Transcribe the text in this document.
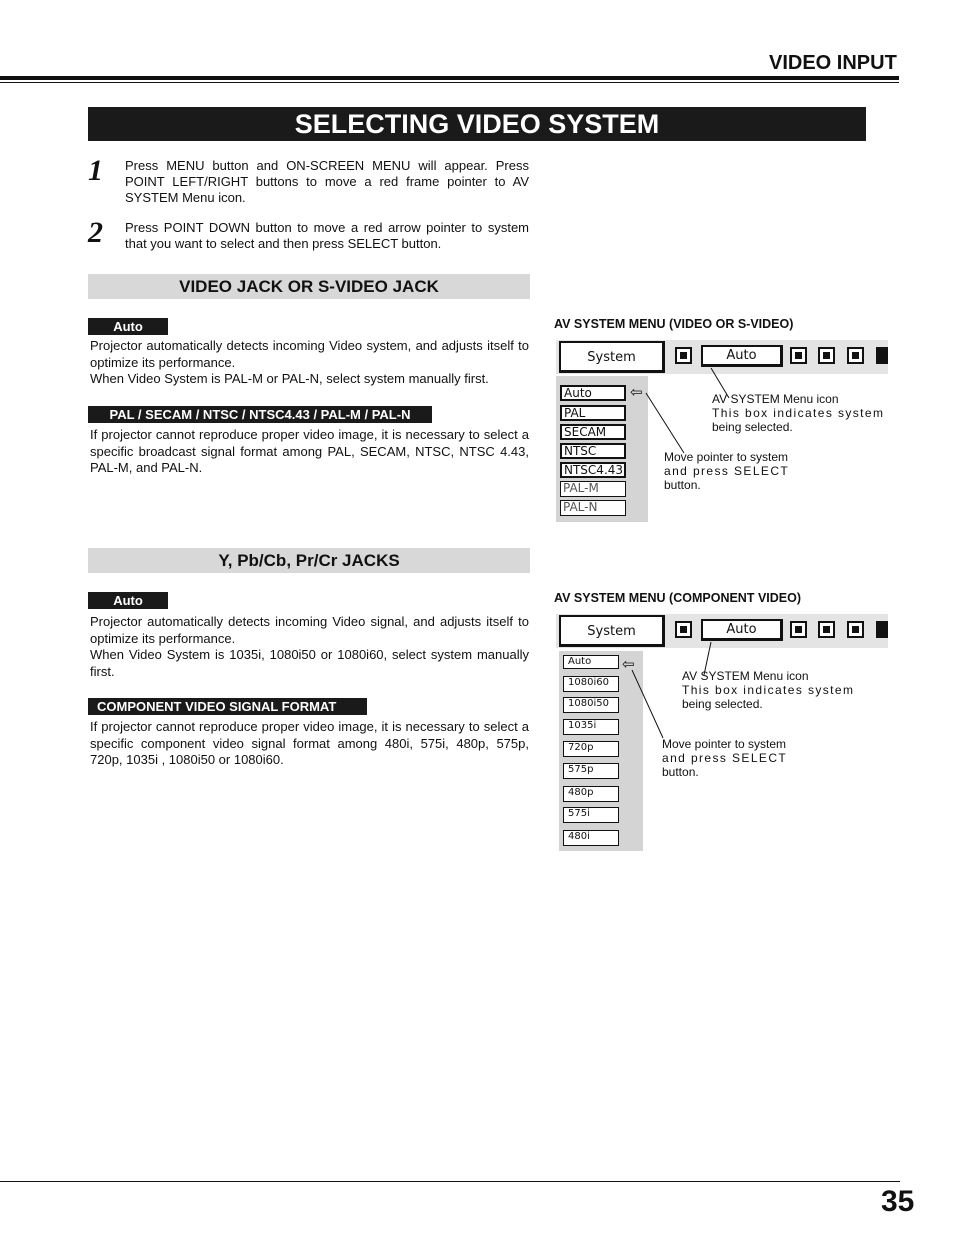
VIDEO INPUT
SELECTING VIDEO SYSTEM
1 Press MENU button and ON-SCREEN MENU will appear. Press POINT LEFT/RIGHT buttons to move a red frame pointer to AV SYSTEM Menu icon.
2 Press POINT DOWN button to move a red arrow pointer to system that you want to select and then press SELECT button.
VIDEO JACK OR S-VIDEO JACK
Auto

Projector automatically detects incoming Video system, and adjusts itself to optimize its performance.

When Video System is PAL-M or PAL-N, select system manually first.

PAL / SECAM / NTSC / NTSC4.43 / PAL-M / PAL-N
If projector cannot reproduce proper video image, it is necessary to select a specific broadcast signal format among PAL, SECAM, NTSC, NTSC 4.43, PAL-M, and PAL-N.
Y, Pb/Cb, Pr/Cr JACKS
Auto

Projector automatically detects incoming Video signal, and adjusts itself to optimize its performance.

When Video System is 1035i, 1080i50 or 1080i60, select system manually first.

COMPONENT VIDEO SIGNAL FORMAT
If projector cannot reproduce proper video image, it is necessary to select a specific component video signal format among 480i, 575i, 480p, 575p, 720p, 1035i , 1080i50 or 1080i60.
AV SYSTEM MENU (VIDEO OR S-VIDEO)
System	Auto
Auto
PAL
SECAM
NTSC
NTSC4.43
PAL-M
PAL-N
⇦	AV SYSTEM Menu icon
This box indicates system
being selected.
Move pointer to system
and press SELECT
button.
AV SYSTEM MENU (COMPONENT VIDEO)
System	Auto
Auto
1080i60
1080i50
1035i
720p
575p
480p
575i
480i
⇦
AV SYSTEM Menu icon
This box indicates system
being selected.
Move pointer to system
and press SELECT
button.
35
